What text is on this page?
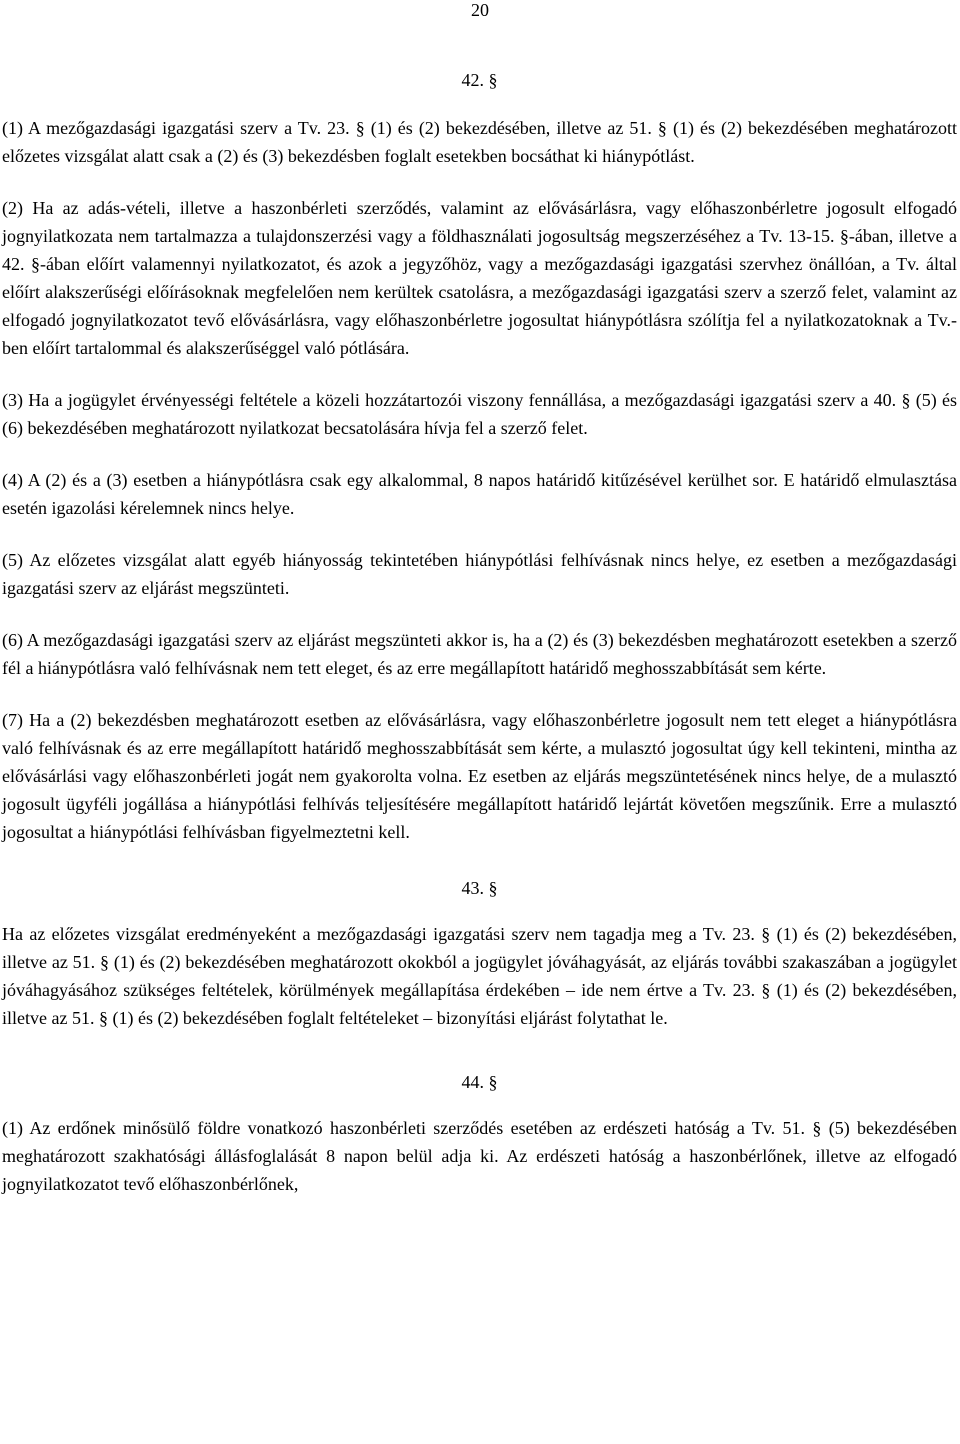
20
42. §

(1) A mezőgazdasági igazgatási szerv a Tv. 23. § (1) és (2) bekezdésében, illetve az 51. § (1) és (2) bekezdésében meghatározott előzetes vizsgálat alatt csak a (2) és (3) bekezdésben foglalt esetekben bocsáthat ki hiánypótlást.

(2) Ha az adás-vételi, illetve a haszonbérleti szerződés, valamint az elővásárlásra, vagy előhaszonbérletre jogosult elfogadó jognyilatkozata nem tartalmazza a tulajdonszerzési vagy a földhasználati jogosultság megszerzéséhez a Tv. 13-15. §-ában, illetve a 42. §-ában előírt valamennyi nyilatkozatot, és azok a jegyzőhöz, vagy a mezőgazdasági igazgatási szervhez önállóan, a Tv. által előírt alakszerűségi előírásoknak megfelelően nem kerültek csatolásra, a mezőgazdasági igazgatási szerv a szerző felet, valamint az elfogadó jognyilatkozatot tevő elővásárlásra, vagy előhaszonbérletre jogosultat hiánypótlásra szólítja fel a nyilatkozatoknak a Tv.-ben előírt tartalommal és alakszerűséggel való pótlására.

(3) Ha a jogügylet érvényességi feltétele a közeli hozzátartozói viszony fennállása, a mezőgazdasági igazgatási szerv a 40. § (5) és (6) bekezdésében meghatározott nyilatkozat becsatolására hívja fel a szerző felet.

(4) A (2) és a (3) esetben a hiánypótlásra csak egy alkalommal, 8 napos határidő kitűzésével kerülhet sor. E határidő elmulasztása esetén igazolási kérelemnek nincs helye.

(5) Az előzetes vizsgálat alatt egyéb hiányosság tekintetében hiánypótlási felhívásnak nincs helye, ez esetben a mezőgazdasági igazgatási szerv az eljárást megszünteti.

(6) A mezőgazdasági igazgatási szerv az eljárást megszünteti akkor is, ha a (2) és (3) bekezdésben meghatározott esetekben a szerző fél a hiánypótlásra való felhívásnak nem tett eleget, és az erre megállapított határidő meghosszabbítását sem kérte.

(7) Ha a (2) bekezdésben meghatározott esetben az elővásárlásra, vagy előhaszonbérletre jogosult nem tett eleget a hiánypótlásra való felhívásnak és az erre megállapított határidő meghosszabbítását sem kérte, a mulasztó jogosultat úgy kell tekinteni, mintha az elővásárlási vagy előhaszonbérleti jogát nem gyakorolta volna. Ez esetben az eljárás megszüntetésének nincs helye, de a mulasztó jogosult ügyféli jogállása a hiánypótlási felhívás teljesítésére megállapított határidő lejártát követően megszűnik. Erre a mulasztó jogosultat a hiánypótlási felhívásban figyelmeztetni kell.

43. §

Ha az előzetes vizsgálat eredményeként a mezőgazdasági igazgatási szerv nem tagadja meg a Tv. 23. § (1) és (2) bekezdésében, illetve az 51. § (1) és (2) bekezdésében meghatározott okokból a jogügylet jóváhagyását, az eljárás további szakaszában a jogügylet jóváhagyásához szükséges feltételek, körülmények megállapítása érdekében – ide nem értve a Tv. 23. § (1) és (2) bekezdésében, illetve az 51. § (1) és (2) bekezdésében foglalt feltételeket – bizonyítási eljárást folytathat le.

44. §

(1) Az erdőnek minősülő földre vonatkozó haszonbérleti szerződés esetében az erdészeti hatóság a Tv. 51. § (5) bekezdésében meghatározott szakhatósági állásfoglalását 8 napon belül adja ki. Az erdészeti hatóság a haszonbérlőnek, illetve az elfogadó jognyilatkozatot tevő előhaszonbérlőnek,
